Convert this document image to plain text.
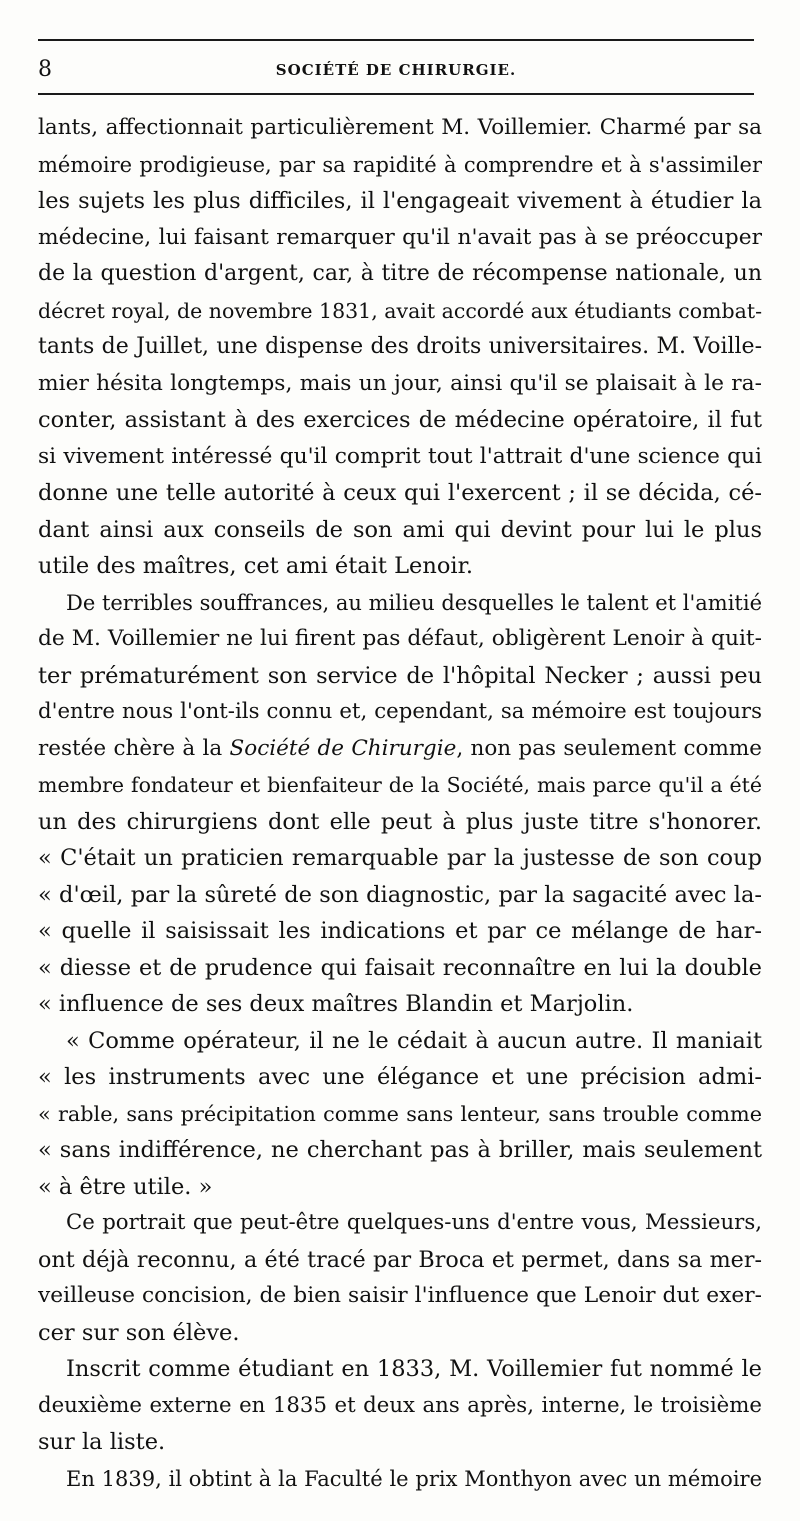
8	SOCIÉTÉ DE CHIRURGIE.
lants, affectionnait particulièrement M. Voillemier. Charmé par sa
mémoire prodigieuse, par sa rapidité à comprendre et à s'assimiler
les sujets les plus difficiles, il l'engageait vivement à étudier la
médecine, lui faisant remarquer qu'il n'avait pas à se préoccuper
de la question d'argent, car, à titre de récompense nationale, un
décret royal, de novembre 1831, avait accordé aux étudiants combat-
tants de Juillet, une dispense des droits universitaires. M. Voille-
mier hésita longtemps, mais un jour, ainsi qu'il se plaisait à le ra-
conter, assistant à des exercices de médecine opératoire, il fut
si vivement intéressé qu'il comprit tout l'attrait d'une science qui
donne une telle autorité à ceux qui l'exercent ; il se décida, cé-
dant ainsi aux conseils de son ami qui devint pour lui le plus
utile des maîtres, cet ami était Lenoir.
De terribles souffrances, au milieu desquelles le talent et l'amitié
de M. Voillemier ne lui firent pas défaut, obligèrent Lenoir à quit-
ter prématurément son service de l'hôpital Necker ; aussi peu
d'entre nous l'ont-ils connu et, cependant, sa mémoire est toujours
restée chère à la Société de Chirurgie, non pas seulement comme
membre fondateur et bienfaiteur de la Société, mais parce qu'il a été
un des chirurgiens dont elle peut à plus juste titre s'honorer.
« C'était un praticien remarquable par la justesse de son coup
« d'œil, par la sûreté de son diagnostic, par la sagacité avec la-
« quelle il saisissait les indications et par ce mélange de har-
« diesse et de prudence qui faisait reconnaître en lui la double
« influence de ses deux maîtres Blandin et Marjolin.
« Comme opérateur, il ne le cédait à aucun autre. Il maniait
« les instruments avec une élégance et une précision admi-
« rable, sans précipitation comme sans lenteur, sans trouble comme
« sans indifférence, ne cherchant pas à briller, mais seulement
« à être utile. »
Ce portrait que peut-être quelques-uns d'entre vous, Messieurs,
ont déjà reconnu, a été tracé par Broca et permet, dans sa mer-
veilleuse concision, de bien saisir l'influence que Lenoir dut exer-
cer sur son élève.
Inscrit comme étudiant en 1833, M. Voillemier fut nommé le
deuxième externe en 1835 et deux ans après, interne, le troisième
sur la liste.
En 1839, il obtint à la Faculté le prix Monthyon avec un mémoire
